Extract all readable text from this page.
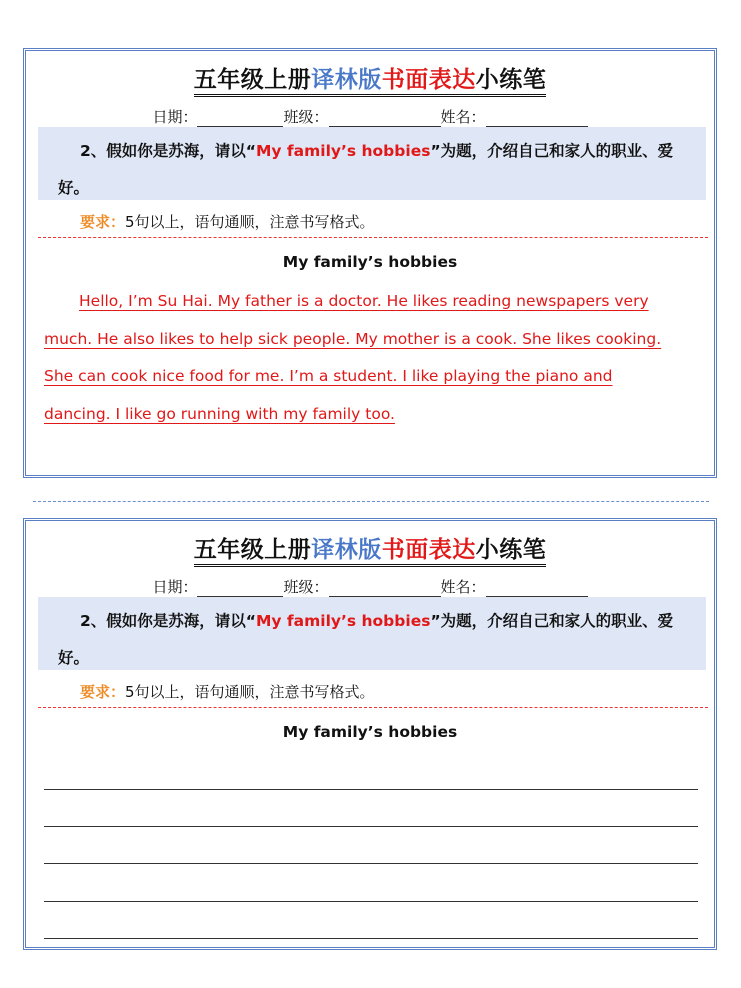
五年级上册译林版书面表达小练笔
日期：	班级：	姓名：
2、假如你是苏海，请以“My family’s hobbies”为题，介绍自己和家人的职业、爱好。
要求：5句以上，语句通顺，注意书写格式。
My family’s hobbies
Hello, I’m Su Hai. My father is a doctor. He likes reading newspapers very
much. He also likes to help sick people. My mother is a cook. She likes cooking.
She can cook nice food for me. I’m a student. I like playing the piano and
dancing. I like go running with my family too.
五年级上册译林版书面表达小练笔
日期：	班级：	姓名：
2、假如你是苏海，请以“My family’s hobbies”为题，介绍自己和家人的职业、爱好。
要求：5句以上，语句通顺，注意书写格式。
My family’s hobbies
